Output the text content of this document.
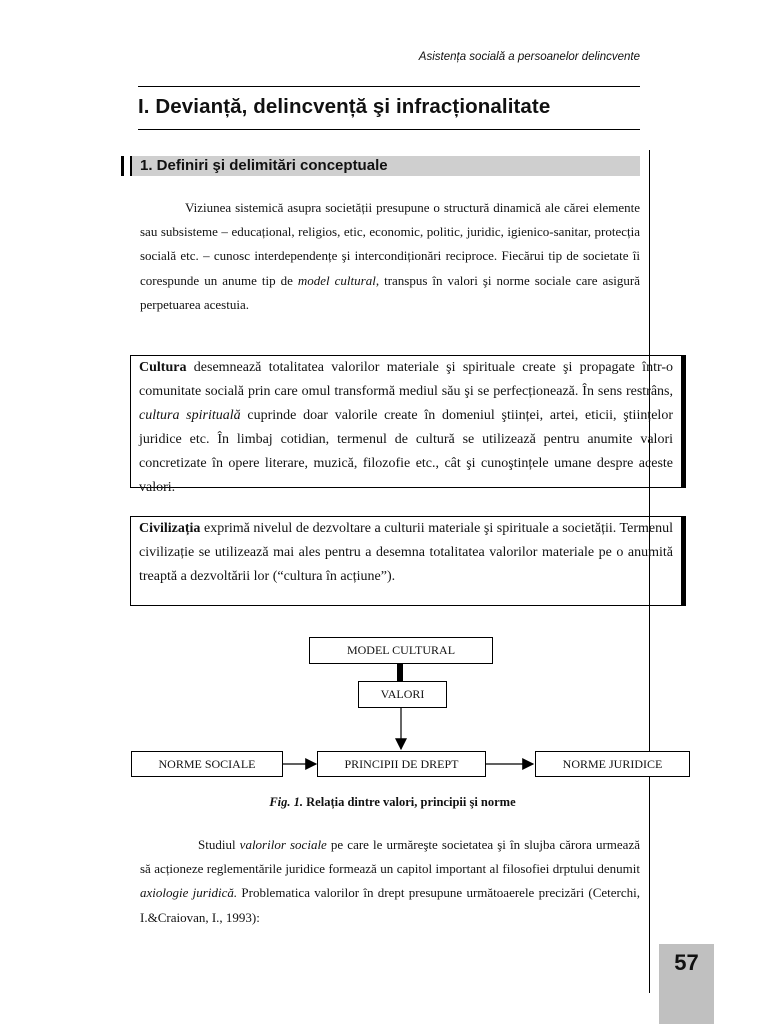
Asistența socială a persoanelor delincvente
I. Devianță, delincvență şi infracționalitate
1. Definiri şi delimitări conceptuale
Viziunea sistemică asupra societății presupune o structură dinamică ale cărei elemente sau subsisteme – educațional, religios, etic, economic, politic, juridic, igienico-sanitar, protecția socială etc. – cunosc interdependențe şi intercondiționări reciproce. Fiecărui tip de societate îi corespunde un anume tip de model cultural, transpus în valori şi norme sociale care asigură perpetuarea acestuia.
Cultura desemnează totalitatea valorilor materiale şi spirituale create şi propagate într-o comunitate socială prin care omul transformă mediul său şi se perfecționează. În sens restrâns, cultura spirituală cuprinde doar valorile create în domeniul ştiinței, artei, eticii, ştiințelor juridice etc. În limbaj cotidian, termenul de cultură se utilizează pentru anumite valori concretizate în opere literare, muzică, filozofie etc., cât şi cunoştințele umane despre aceste valori.
Civilizația exprimă nivelul de dezvoltare a culturii materiale şi spirituale a societății. Termenul civilizație se utilizează mai ales pentru a desemna totalitatea valorilor materiale pe o anumită treaptă a dezvoltării lor (“cultura în acțiune”).
MODEL CULTURAL
VALORI
NORME SOCIALE	PRINCIPII DE DREPT	NORME JURIDICE
Fig. 1. Relația dintre valori, principii şi norme
Studiul valorilor sociale pe care le urmăreşte societatea şi în slujba cărora urmează să acționeze reglementările juridice formează un capitol important al filosofiei drptului denumit axiologie juridică. Problematica valorilor în drept presupune următoaerele precizări (Ceterchi, I.&Craiovan, I., 1993):
57
